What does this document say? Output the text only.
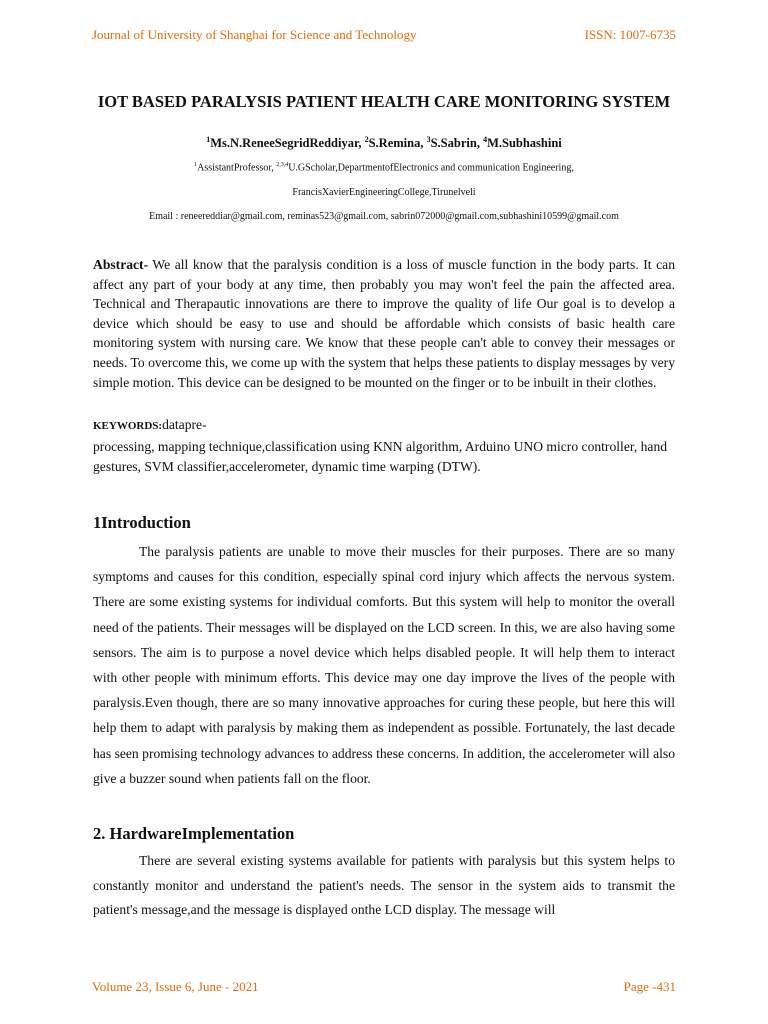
Journal of University of Shanghai for Science and Technology	ISSN: 1007-6735
IOT BASED PARALYSIS PATIENT HEALTH CARE MONITORING SYSTEM
$^1$Ms.N.ReneeSegridReddiyar, $^2$S.Remina, $^3$S.Sabrin, $^4$M.Subhashini
$^1$AssistantProfessor, $^{2,3,4}$U.GScholar,DepartmentofElectronics and communication Engineering,
FrancisXavierEngineeringCollege,Tirunelveli
Email : reneereddiar@gmail.com, reminas523@gmail.com, sabrin072000@gmail.com,subhashini10599@gmail.com

Abstract- We all know that the paralysis condition is a loss of muscle function in the body parts. It can affect any part of your body at any time, then probably you may won't feel the pain the affected area. Technical and Therapautic innovations are there to improve the quality of life Our goal is to develop a device which should be easy to use and should be affordable which consists of basic health care monitoring system with nursing care. We know that these people can't able to convey their messages or needs. To overcome this, we come up with the system that helps these patients to display messages by very simple motion. This device can be designed to be mounted on the finger or to be inbuilt in their clothes.

KEYWORDS:datapre-

processing, mapping technique,classification using KNN algorithm, Arduino UNO micro controller, hand gestures, SVM classifier,accelerometer, dynamic time warping (DTW).

1Introduction

The paralysis patients are unable to move their muscles for their purposes. There are so many symptoms and causes for this condition, especially spinal cord injury which affects the nervous system. There are some existing systems for individual comforts. But this system will help to monitor the overall need of the patients. Their messages will be displayed on the LCD screen. In this, we are also having some sensors. The aim is to purpose a novel device which helps disabled people. It will help them to interact with other people with minimum efforts. This device may one day improve the lives of the people with paralysis.Even though, there are so many innovative approaches for curing these people, but here this will help them to adapt with paralysis by making them as independent as possible. Fortunately, the last decade has seen promising technology advances to address these concerns. In addition, the accelerometer will also give a buzzer sound when patients fall on the floor.

2. HardwareImplementation

There are several existing systems available for patients with paralysis but this system helps to constantly monitor and understand the patient's needs. The sensor in the system aids to transmit the patient's message,and the message is displayed onthe LCD display. The message will

Volume 23, Issue 6, June - 2021	Page -431
